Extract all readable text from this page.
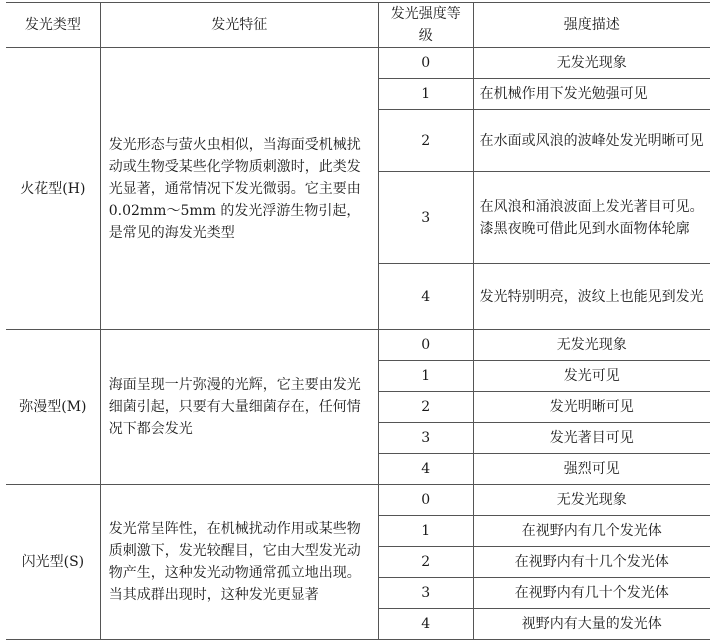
发光类型	发光特征	发光强度等级	强度描述
火花型(H)	发光形态与萤火虫相似，当海面受机械扰动或生物受某些化学物质刺激时，此类发光显著，通常情况下发光微弱。它主要由 0.02mm～5mm 的发光浮游生物引起，是常见的海发光类型	0	无发光现象
		1	在机械作用下发光勉强可见
		2	在水面或风浪的波峰处发光明晰可见
		3	在风浪和涌浪波面上发光著目可见。漆黑夜晚可借此见到水面物体轮廓
		4	发光特别明亮，波纹上也能见到发光
弥漫型(M)	海面呈现一片弥漫的光辉，它主要由发光细菌引起，只要有大量细菌存在，任何情况下都会发光	0	无发光现象
		1	发光可见
		2	发光明晰可见
		3	发光著目可见
		4	强烈可见
闪光型(S)	发光常呈阵性，在机械扰动作用或某些物质刺激下，发光较醒目，它由大型发光动物产生，这种发光动物通常孤立地出现。当其成群出现时，这种发光更显著	0	无发光现象
		1	在视野内有几个发光体
		2	在视野内有十几个发光体
		3	在视野内有几十个发光体
		4	视野内有大量的发光体
